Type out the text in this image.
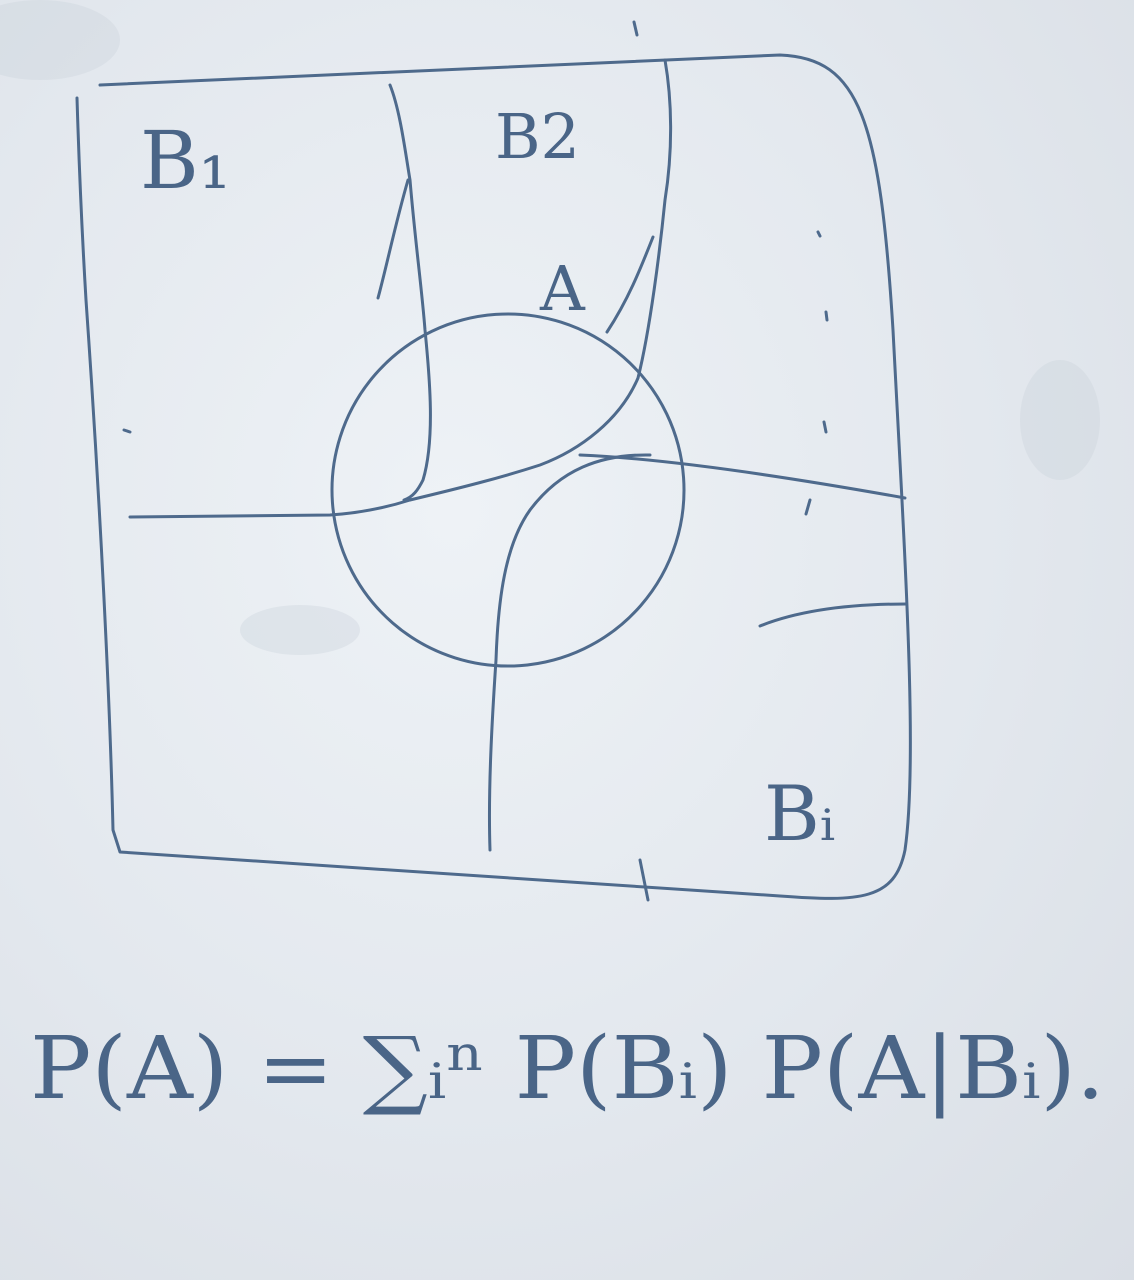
B₁	B2
A
Bᵢ
P(A) = ∑ᵢⁿ P(Bᵢ) P(A|Bᵢ).
